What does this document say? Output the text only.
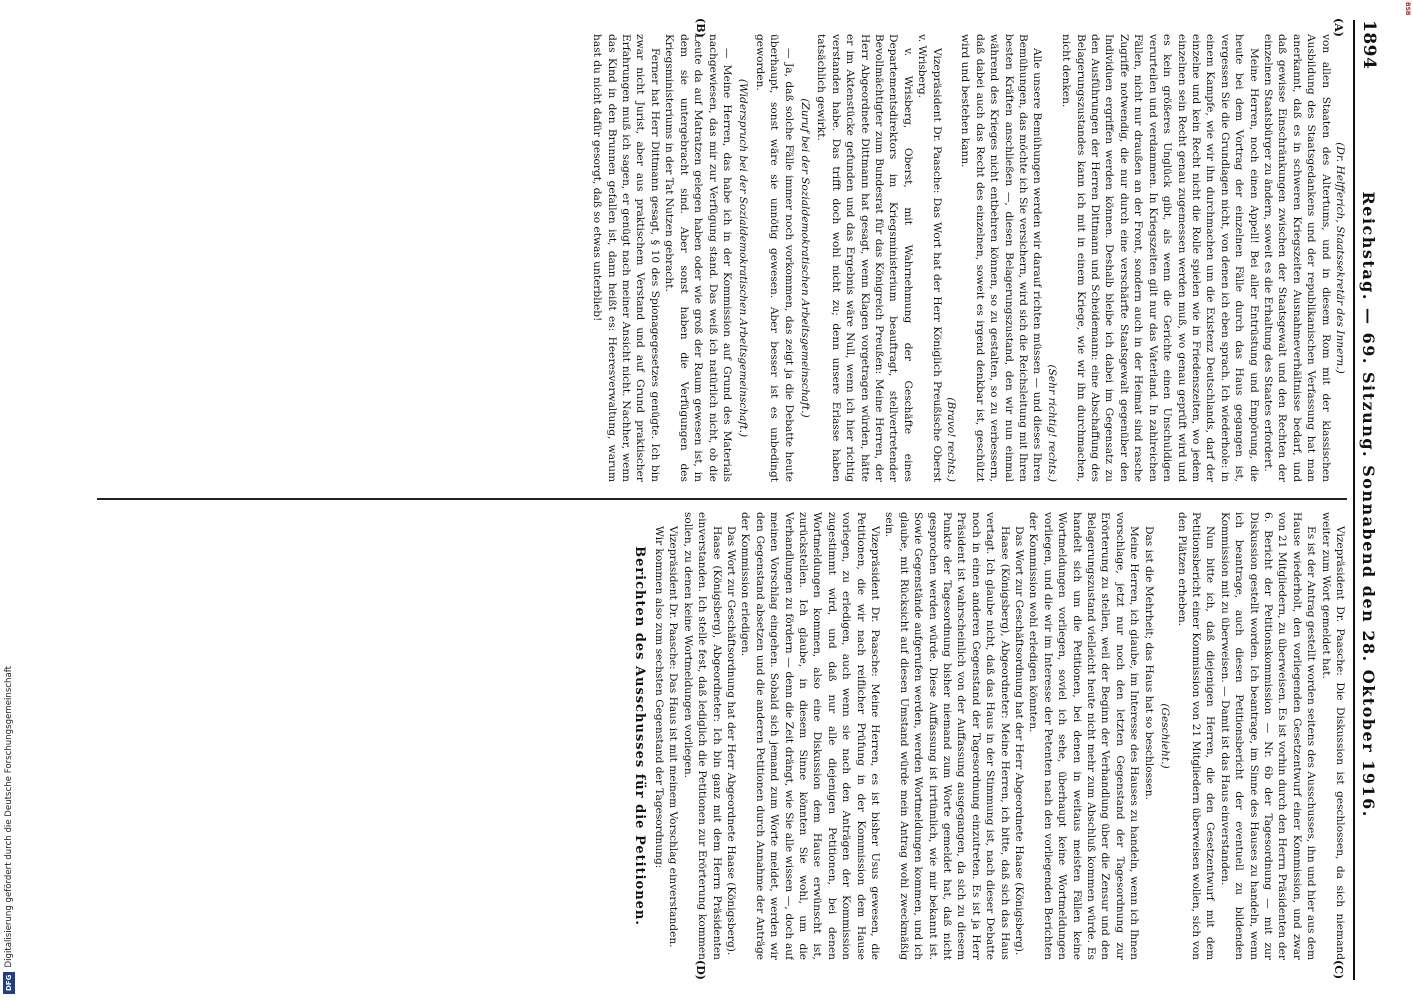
DFG
Digitalisierung gefördert durch die Deutsche Forschungsgemeinschaft
BSB
1894
Reichstag. — 69. Sitzung. Sonnabend den 28. Oktober 1916.
(A)
(B)
(C)
(D)

(Dr. Helfferich, Staatssekretär des Innern.)

von allen Staaten des Altertums, und in diesem Rom mit der klassischen Ausbildung des Staatsgedankens und der republikanischen Verfassung hat man anerkannt, daß es in schweren Kriegszeiten Ausnahmeverhältnisse bedarf, und daß gewisse Einschränkungen zwischen der Staatsgewalt und den Rechten der einzelnen Staatsbürger zu ändern, soweit es die Erhaltung des Staates erfordert.

Meine Herren, noch einen Appell! Bei aller Entrüstung und Empörung, die heute bei dem Vortrag der einzelnen Fälle durch das Haus gegangen ist, vergessen Sie die Grundlagen nicht, von denen ich eben sprach. Ich wiederhole: in einem Kampfe, wie wir ihn durchmachen um die Existenz Deutschlands, darf der einzelne und kein Recht nicht die Rolle spielen wie in Friedenszeiten, wo jedem einzelnen sein Recht genau zugemessen werden muß, wo genau geprüft wird und es kein größeres Unglück gibt, als wenn die Gerichte einen Unschuldigen verurteilen und verdammen. In Kriegszeiten gilt nur das Vaterland. In zahlreichen Fällen, nicht nur draußen an der Front, sondern auch in der Heimat sind rasche Zugriffe notwendig, die nur durch eine verschärfte Staatsgewalt gegenüber den Individuen ergriffen werden können. Deshalb bleibe ich dabei im Gegensatz zu den Ausführungen der Herren Dittmann und Scheidemann: eine Abschaffung des Belagerungszustandes kann ich mit in einem Kriege, wie wir ihn durchmachen, nicht denken.

(Sehr richtig! rechts.)

Alle unsere Bemühungen werden wir darauf richten müssen — und dieses Ihren Bemühungen, das möchte ich Sie versichern, wird sich die Reichsleitung mit Ihren besten Kräften anschließen —, diesen Belagerungszustand, den wir nun einmal während des Krieges nicht entbehren können, so zu gestalten, so zu verbessern, daß dabei auch das Recht des einzelnen, soweit es irgend denkbar ist, geschützt wird und bestehen kann.

(Bravo! rechts.)

Vizepräsident Dr. Paasche: Das Wort hat der Herr Königlich Preußische Oberst v. Wrisberg.

v. Wrisberg, Oberst, mit Wahrnehmung der Geschäfte eines Departementsdirektors im Kriegsministerium beauftragt, stellvertretender Bevollmächtigter zum Bundesrat für das Königreich Preußen: Meine Herren, der Herr Abgeordnete Dittmann hat gesagt, wenn Klagen vorgetragen würden, hätte er im Aktenstücke gefunden und das Ergebnis wäre Null, wenn ich hier richtig verstanden habe. Das trifft doch wohl nicht zu; denn unsere Erlasse haben tatsächlich gewirkt.

(Zuruf bei der Sozialdemokratischen Arbeitsgemeinschaft.)

— Ja, daß solche Fälle immer noch vorkommen, das zeigt ja die Debatte heute überhaupt, sonst wäre sie unnötig gewesen. Aber besser ist es unbedingt geworden.

(Widerspruch bei der Sozialdemokratischen Arbeitsgemeinschaft.)

— Meine Herren, das habe ich in der Kommission auf Grund des Materials nachgewiesen, das mir zur Verfügung stand. Das weiß ich natürlich nicht, ob die Leute da auf Matratzen gelegen haben oder wie groß der Raum gewesen ist, in dem sie untergebracht sind. Aber sonst haben die Verfügungen des Kriegsministeriums in der Tat Nutzen gebracht.

Ferner hat Herr Dittmann gesagt, § 10 des Spionagegesetzes genügte. Ich bin zwar nicht Jurist, aber aus praktischem Verstand und auf Grund praktischer Erfahrungen muß ich sagen, er genügt nach meiner Ansicht nicht. Nachher, wenn das Kind in den Brunnen gefallen ist, dann heißt es: Heeresverwaltung, warum hast du nicht dafür gesorgt, daß so etwas unterblieb!

Vizepräsident Dr. Paasche: Die Diskussion ist geschlossen, da sich niemand weiter zum Wort gemeldet hat.

Es ist der Antrag gestellt worden seitens des Ausschusses, ihn und hier aus dem Hause wiederholt, den vorliegenden Gesetzentwurf einer Kommission, und zwar von 21 Mitgliedern, zu überweisen. Es ist vorhin durch den Herrn Präsidenten der 6. Bericht der Petitionskommission — Nr. 6b der Tagesordnung — mit zur Diskussion gestellt worden. Ich beantrage, im Sinne des Hauses zu handeln, wenn ich beantrage, auch diesen Petitionsbericht der eventuell zu bildenden Kommission mit zu überweisen. — Damit ist das Haus einverstanden.

Nun bitte ich, daß diejenigen Herren, die den Gesetzentwurf mit dem Petitionsbericht einer Kommission von 21 Mitgliedern überweisen wollen, sich von den Plätzen erheben.

(Geschieht.)

Das ist die Mehrheit; das Haus hat so beschlossen.

Meine Herren, ich glaube, im Interesse des Hauses zu handeln, wenn ich Ihnen vorschlage, jetzt nur noch den letzten Gegenstand der Tagesordnung zur Erörterung zu stellen, weil der Beginn der Verhandlung über die Zensur und den Belagerungszustand vielleicht heute nicht mehr zum Abschluß kommen würde. Es handelt sich um die Petitionen, bei denen in weitaus meisten Fällen keine Wortmeldungen vorliegen, soviel ich sehe, überhaupt keine Wortmeldungen vorliegen, und die wir im Interesse der Petenten nach den vorliegenden Berichten der Kommission wohl erledigen könnten.

Das Wort zur Geschäftsordnung hat der Herr Abgeordnete Haase (Königsberg).

Haase (Königsberg), Abgeordneter: Meine Herren, ich bitte, daß sich das Haus vertagt. Ich glaube nicht, daß das Haus in der Stimmung ist, nach dieser Debatte noch in einen anderen Gegenstand der Tagesordnung einzutreten. Es ist ja Herr Präsident ist wahrscheinlich von der Auffassung ausgegangen, da sich zu diesem Punkte der Tagesordnung bisher niemand zum Worte gemeldet hat, daß nicht gesprochen werden würde. Diese Auffassung ist irrtümlich, wie mir bekannt ist. Sowie Gegenstände aufgerufen werden, werden Wortmeldungen kommen, und ich glaube, mit Rücksicht auf diesen Umstand würde mein Antrag wohl zweckmäßig sein.

Vizepräsident Dr. Paasche: Meine Herren, es ist bisher Usus gewesen, die Petitionen, die wir nach reiflicher Prüfung in der Kommission dem Hause vorlegen, zu erledigen, auch wenn sie nach den Anträgen der Kommission zugestimmt wird, und daß nur alle diejenigen Petitionen, bei denen Wortmeldungen kommen, also eine Diskussion dem Hause erwünscht ist, zurückstellen. Ich glaube, in diesem Sinne könnten Sie wohl, um die Verhandlungen zu fördern — denn die Zeit drängt, wie Sie alle wissen —, doch auf meinen Vorschlag eingehen. Sobald sich jemand zum Worte meldet, werden wir den Gegenstand absetzen und die anderen Petitionen durch Annahme der Anträge der Kommission erledigen.

Das Wort zur Geschäftsordnung hat der Herr Abgeordnete Haase (Königsberg).

Haase (Königsberg), Abgeordneter: Ich bin ganz mit dem Herrn Präsidenten einverstanden. Ich stelle fest, daß lediglich die Petitionen zur Erörterung kommen sollen, zu denen keine Wortmeldungen vorliegen.

Vizepräsident Dr. Paasche: Das Haus ist mit meinem Vorschlag einverstanden.

Wir kommen also zum sechsten Gegenstand der Tagesordnung:

Berichten des Ausschusses für die Petitionen.
